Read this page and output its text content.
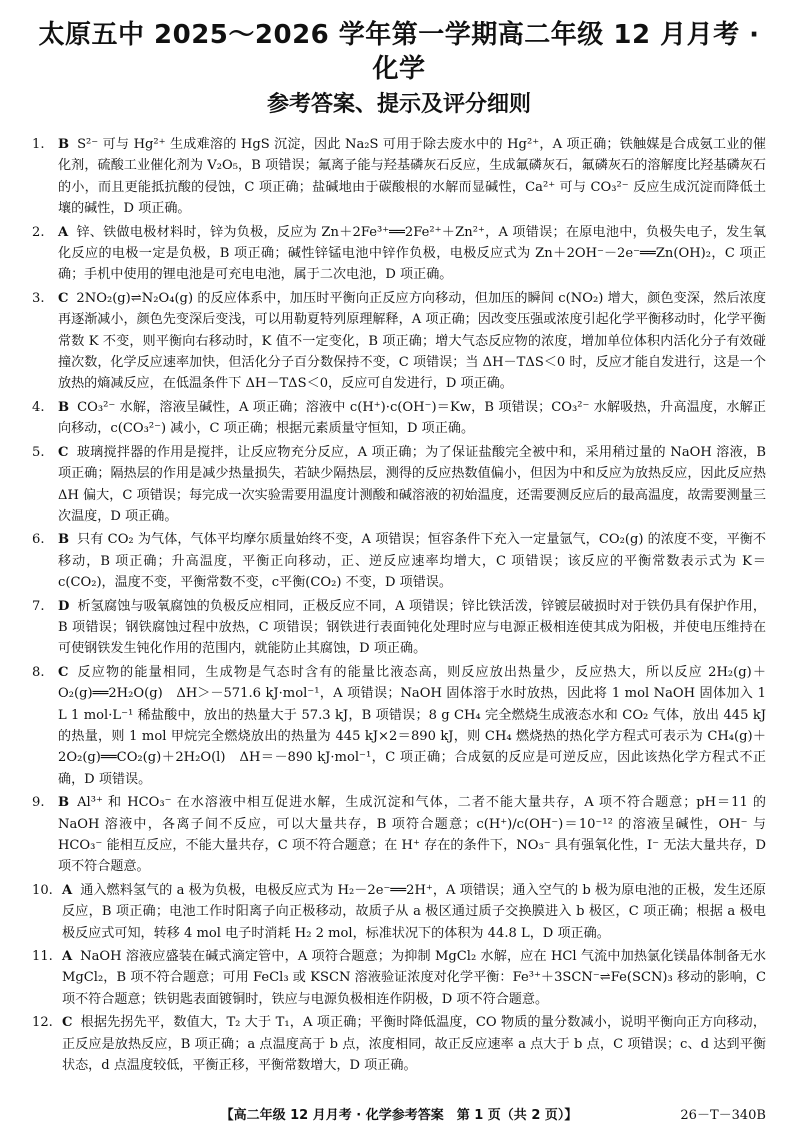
太原五中 2025～2026 学年第一学期高二年级 12 月月考 · 化学
参考答案、提示及评分细则
1.	B S²⁻ 可与 Hg²⁺ 生成难溶的 HgS 沉淀，因此 Na₂S 可用于除去废水中的 Hg²⁺，A 项正确；铁触媒是合成氨工业的催化剂，硫酸工业催化剂为 V₂O₅，B 项错误；氟离子能与羟基磷灰石反应，生成氟磷灰石，氟磷灰石的溶解度比羟基磷灰石的小，而且更能抵抗酸的侵蚀，C 项正确；盐碱地由于碳酸根的水解而显碱性，Ca²⁺ 可与 CO₃²⁻ 反应生成沉淀而降低土壤的碱性，D 项正确。
2.	A 锌、铁做电极材料时，锌为负极，反应为 Zn＋2Fe³⁺══2Fe²⁺＋Zn²⁺，A 项错误；在原电池中，负极失电子，发生氧化反应的电极一定是负极，B 项正确；碱性锌锰电池中锌作负极，电极反应式为 Zn＋2OH⁻－2e⁻══Zn(OH)₂，C 项正确；手机中使用的锂电池是可充电电池，属于二次电池，D 项正确。
3.	C 2NO₂(g)⇌N₂O₄(g) 的反应体系中，加压时平衡向正反应方向移动，但加压的瞬间 c(NO₂) 增大，颜色变深，然后浓度再逐渐减小，颜色先变深后变浅，可以用勒夏特列原理解释，A 项正确；因改变压强或浓度引起化学平衡移动时，化学平衡常数 K 不变，则平衡向右移动时，K 值不一定变化，B 项正确；增大气态反应物的浓度，增加单位体积内活化分子有效碰撞次数，化学反应速率加快，但活化分子百分数保持不变，C 项错误；当 ΔH－TΔS＜0 时，反应才能自发进行，这是一个放热的熵减反应，在低温条件下 ΔH－TΔS＜0，反应可自发进行，D 项正确。
4.	B CO₃²⁻ 水解，溶液呈碱性，A 项正确；溶液中 c(H⁺)·c(OH⁻)＝Kw，B 项错误；CO₃²⁻ 水解吸热，升高温度，水解正向移动，c(CO₃²⁻) 减小，C 项正确；根据元素质量守恒知，D 项正确。
5.	C 玻璃搅拌器的作用是搅拌，让反应物充分反应，A 项正确；为了保证盐酸完全被中和，采用稍过量的 NaOH 溶液，B 项正确；隔热层的作用是减少热量损失，若缺少隔热层，测得的反应热数值偏小，但因为中和反应为放热反应，因此反应热 ΔH 偏大，C 项错误；每完成一次实验需要用温度计测酸和碱溶液的初始温度，还需要测反应后的最高温度，故需要测量三次温度，D 项正确。
6.	B 只有 CO₂ 为气体，气体平均摩尔质量始终不变，A 项错误；恒容条件下充入一定量氩气，CO₂(g) 的浓度不变，平衡不移动，B 项正确；升高温度，平衡正向移动，正、逆反应速率均增大，C 项错误；该反应的平衡常数表示式为 K＝c(CO₂)，温度不变，平衡常数不变，c平衡(CO₂) 不变，D 项错误。
7.	D 析氢腐蚀与吸氧腐蚀的负极反应相同，正极反应不同，A 项错误；锌比铁活泼，锌镀层破损时对于铁仍具有保护作用，B 项错误；钢铁腐蚀过程中放热，C 项错误；钢铁进行表面钝化处理时应与电源正极相连使其成为阳极，并使电压维持在可使钢铁发生钝化作用的范围内，就能防止其腐蚀，D 项正确。
8.	C 反应物的能量相同，生成物是气态时含有的能量比液态高，则反应放出热量少，反应热大，所以反应 2H₂(g)＋O₂(g)══2H₂O(g)　ΔH＞－571.6 kJ·mol⁻¹，A 项错误；NaOH 固体溶于水时放热，因此将 1 mol NaOH 固体加入 1 L 1 mol·L⁻¹ 稀盐酸中，放出的热量大于 57.3 kJ，B 项错误；8 g CH₄ 完全燃烧生成液态水和 CO₂ 气体，放出 445 kJ 的热量，则 1 mol 甲烷完全燃烧放出的热量为 445 kJ×2＝890 kJ，则 CH₄ 燃烧热的热化学方程式可表示为 CH₄(g)＋2O₂(g)══CO₂(g)＋2H₂O(l)　ΔH＝－890 kJ·mol⁻¹，C 项正确；合成氨的反应是可逆反应，因此该热化学方程式不正确，D 项错误。
9.	B Al³⁺ 和 HCO₃⁻ 在水溶液中相互促进水解，生成沉淀和气体，二者不能大量共存，A 项不符合题意；pH＝11 的 NaOH 溶液中，各离子间不反应，可以大量共存，B 项符合题意；c(H⁺)/c(OH⁻)＝10⁻¹² 的溶液呈碱性，OH⁻ 与 HCO₃⁻ 能相互反应，不能大量共存，C 项不符合题意；在 H⁺ 存在的条件下，NO₃⁻ 具有强氧化性，I⁻ 无法大量共存，D 项不符合题意。
10. A 通入燃料氢气的 a 极为负极，电极反应式为 H₂－2e⁻══2H⁺，A 项错误；通入空气的 b 极为原电池的正极，发生还原反应，B 项正确；电池工作时阳离子向正极移动，故质子从 a 极区通过质子交换膜进入 b 极区，C 项正确；根据 a 极电极反应式可知，转移 4 mol 电子时消耗 H₂ 2 mol，标准状况下的体积为 44.8 L，D 项正确。
11. A NaOH 溶液应盛装在碱式滴定管中，A 项符合题意；为抑制 MgCl₂ 水解，应在 HCl 气流中加热氯化镁晶体制备无水 MgCl₂，B 项不符合题意；可用 FeCl₃ 或 KSCN 溶液验证浓度对化学平衡：Fe³⁺＋3SCN⁻⇌Fe(SCN)₃ 移动的影响，C 项不符合题意；铁钥匙表面镀铜时，铁应与电源负极相连作阴极，D 项不符合题意。
12. C 根据先拐先平，数值大，T₂ 大于 T₁，A 项正确；平衡时降低温度，CO 物质的量分数减小，说明平衡向正方向移动，正反应是放热反应，B 项正确；a 点温度高于 b 点，浓度相同，故正反应速率 a 点大于 b 点，C 项错误；c、d 达到平衡状态，d 点温度较低，平衡正移，平衡常数增大，D 项正确。
【高二年级 12 月月考 · 化学参考答案　第 1 页（共 2 页）】	26－T－340B
